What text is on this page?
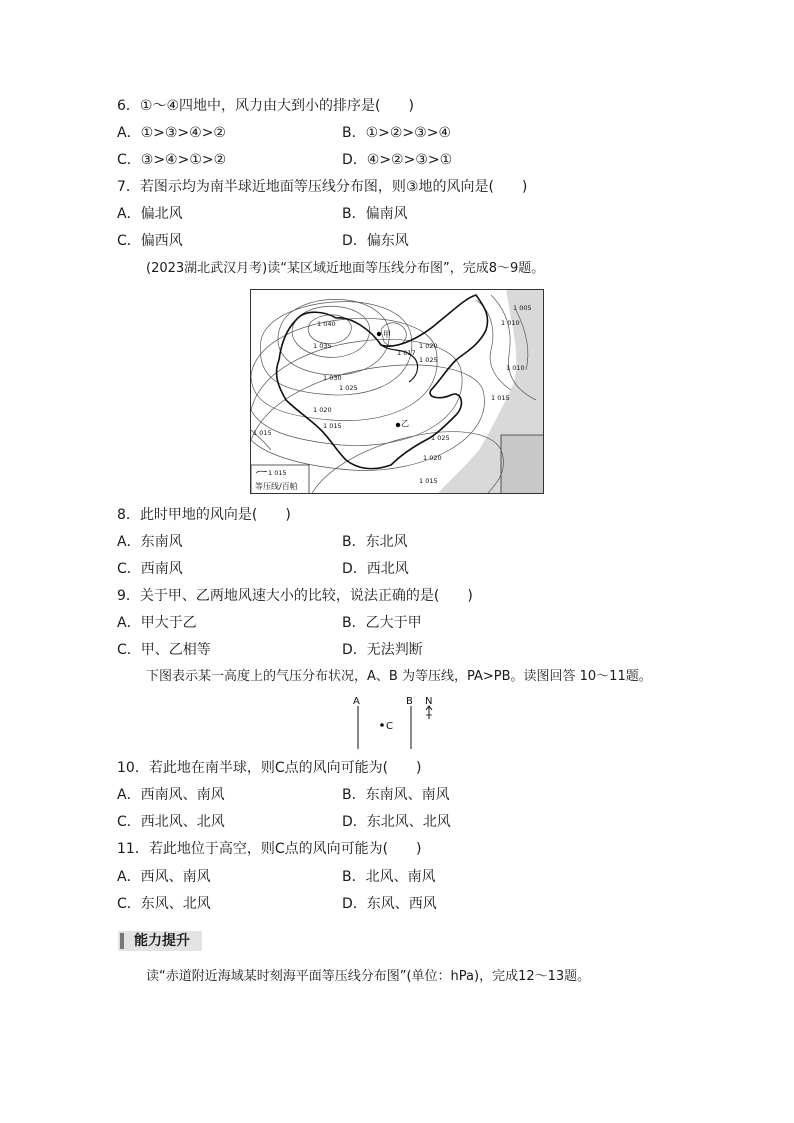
6．①～④四地中，风力由大到小的排序是(　　)
A．①>③>④>②	B．①>②>③>④
C．③>④>①>②	D．④>②>③>①
7．若图示均为南半球近地面等压线分布图，则③地的风向是(　　)
A．偏北风	B．偏南风
C．偏西风	D．偏东风
(2023湖北武汉月考)读“某区域近地面等压线分布图”，完成8～9题。
1 040
1 035
1 030
1 025
1 020
1 015
1 015
1 020
1 025
1 025
1 017
1 020
1 010
1 005
1 015
1 010
1 015
甲
乙
1 015
等压线/百帕
8．此时甲地的风向是(　　)
A．东南风	B．东北风
C．西南风	D．西北风
9．关于甲、乙两地风速大小的比较，说法正确的是(　　)
A．甲大于乙	B．乙大于甲
C．甲、乙相等	D．无法判断
下图表示某一高度上的气压分布状况，A、B 为等压线，PA>PB。读图回答 10～11题。
A	B
C
N
10．若此地在南半球，则C点的风向可能为(　　)
A．西南风、南风	B．东南风、南风
C．西北风、北风	D．东北风、北风
11．若此地位于高空，则C点的风向可能为(　　)
A．西风、南风	B．北风、南风
C．东风、北风	D．东风、西风
能力提升
读“赤道附近海域某时刻海平面等压线分布图”(单位：hPa)，完成12～13题。
